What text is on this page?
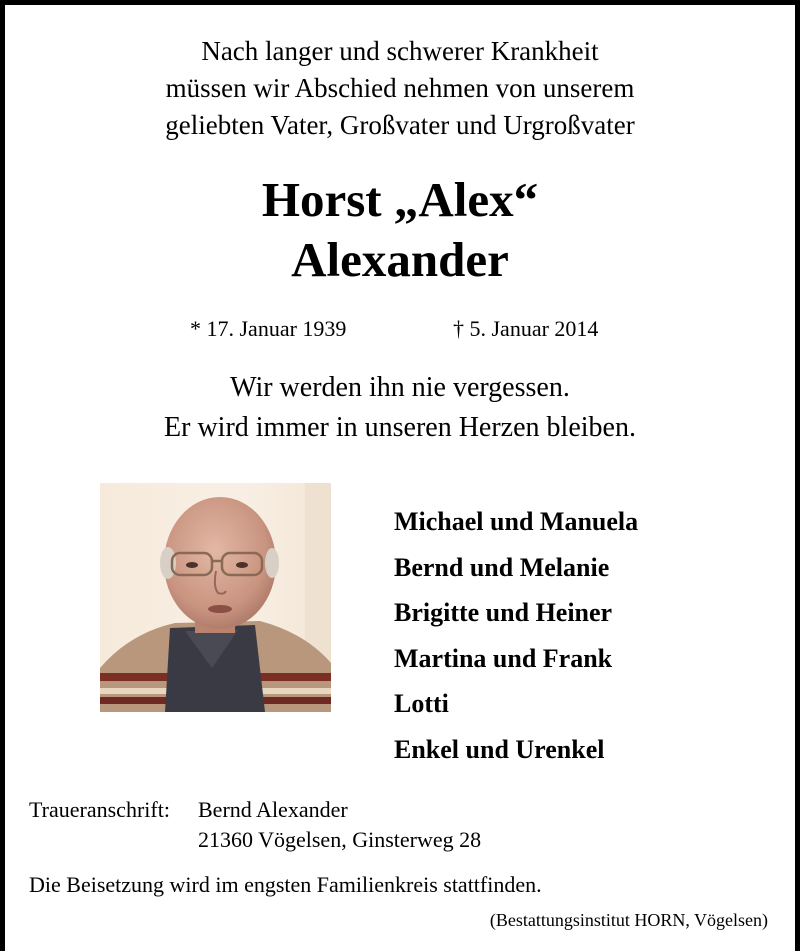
Nach langer und schwerer Krankheit
müssen wir Abschied nehmen von unserem
geliebten Vater, Großvater und Urgroßvater
Horst „Alex“
Alexander
* 17. Januar 1939	† 5. Januar 2014
Wir werden ihn nie vergessen.
Er wird immer in unseren Herzen bleiben.
Michael und Manuela
Bernd und Melanie
Brigitte und Heiner
Martina und Frank
Lotti
Enkel und Urenkel
Traueranschrift: Bernd Alexander
21360 Vögelsen, Ginsterweg 28
Die Beisetzung wird im engsten Familienkreis stattfinden.
(Bestattungsinstitut HORN, Vögelsen)
